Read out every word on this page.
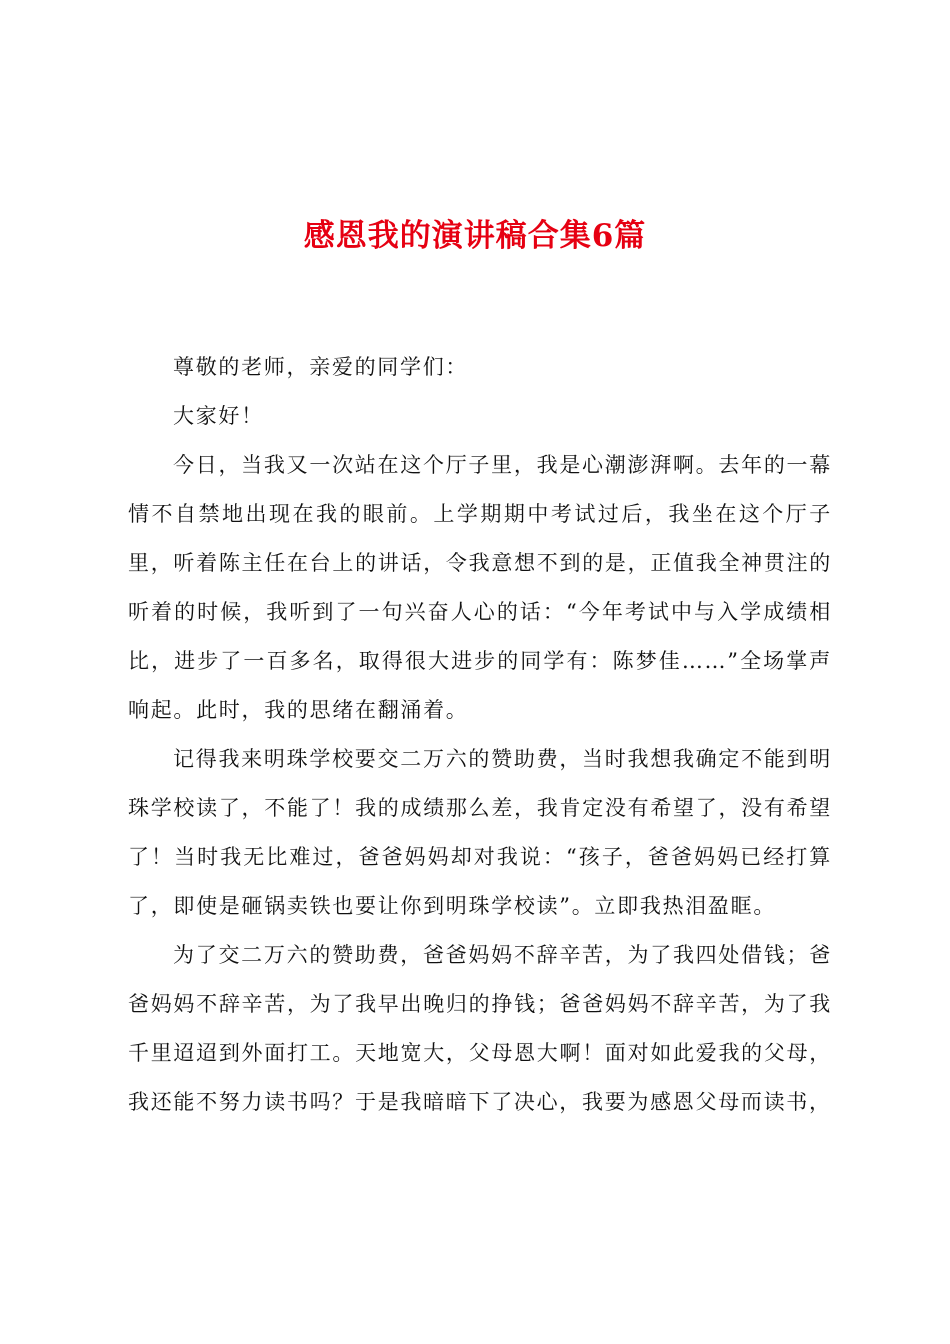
感恩我的演讲稿合集6篇

尊敬的老师，亲爱的同学们：

大家好！

今日，当我又一次站在这个厅子里，我是心潮澎湃啊。去年的一幕情不自禁地出现在我的眼前。上学期期中考试过后，我坐在这个厅子里，听着陈主任在台上的讲话，令我意想不到的是，正值我全神贯注的听着的时候，我听到了一句兴奋人心的话：“今年考试中与入学成绩相比，进步了一百多名，取得很大进步的同学有：陈梦佳……”全场掌声响起。此时，我的思绪在翻涌着。

记得我来明珠学校要交二万六的赞助费，当时我想我确定不能到明珠学校读了，不能了！我的成绩那么差，我肯定没有希望了，没有希望了！当时我无比难过，爸爸妈妈却对我说：“孩子，爸爸妈妈已经打算了，即使是砸锅卖铁也要让你到明珠学校读”。立即我热泪盈眶。

为了交二万六的赞助费，爸爸妈妈不辞辛苦，为了我四处借钱；爸爸妈妈不辞辛苦，为了我早出晚归的挣钱；爸爸妈妈不辞辛苦，为了我千里迢迢到外面打工。天地宽大，父母恩大啊！面对如此爱我的父母，我还能不努力读书吗？于是我暗暗下了决心，我要为感恩父母而读书，
